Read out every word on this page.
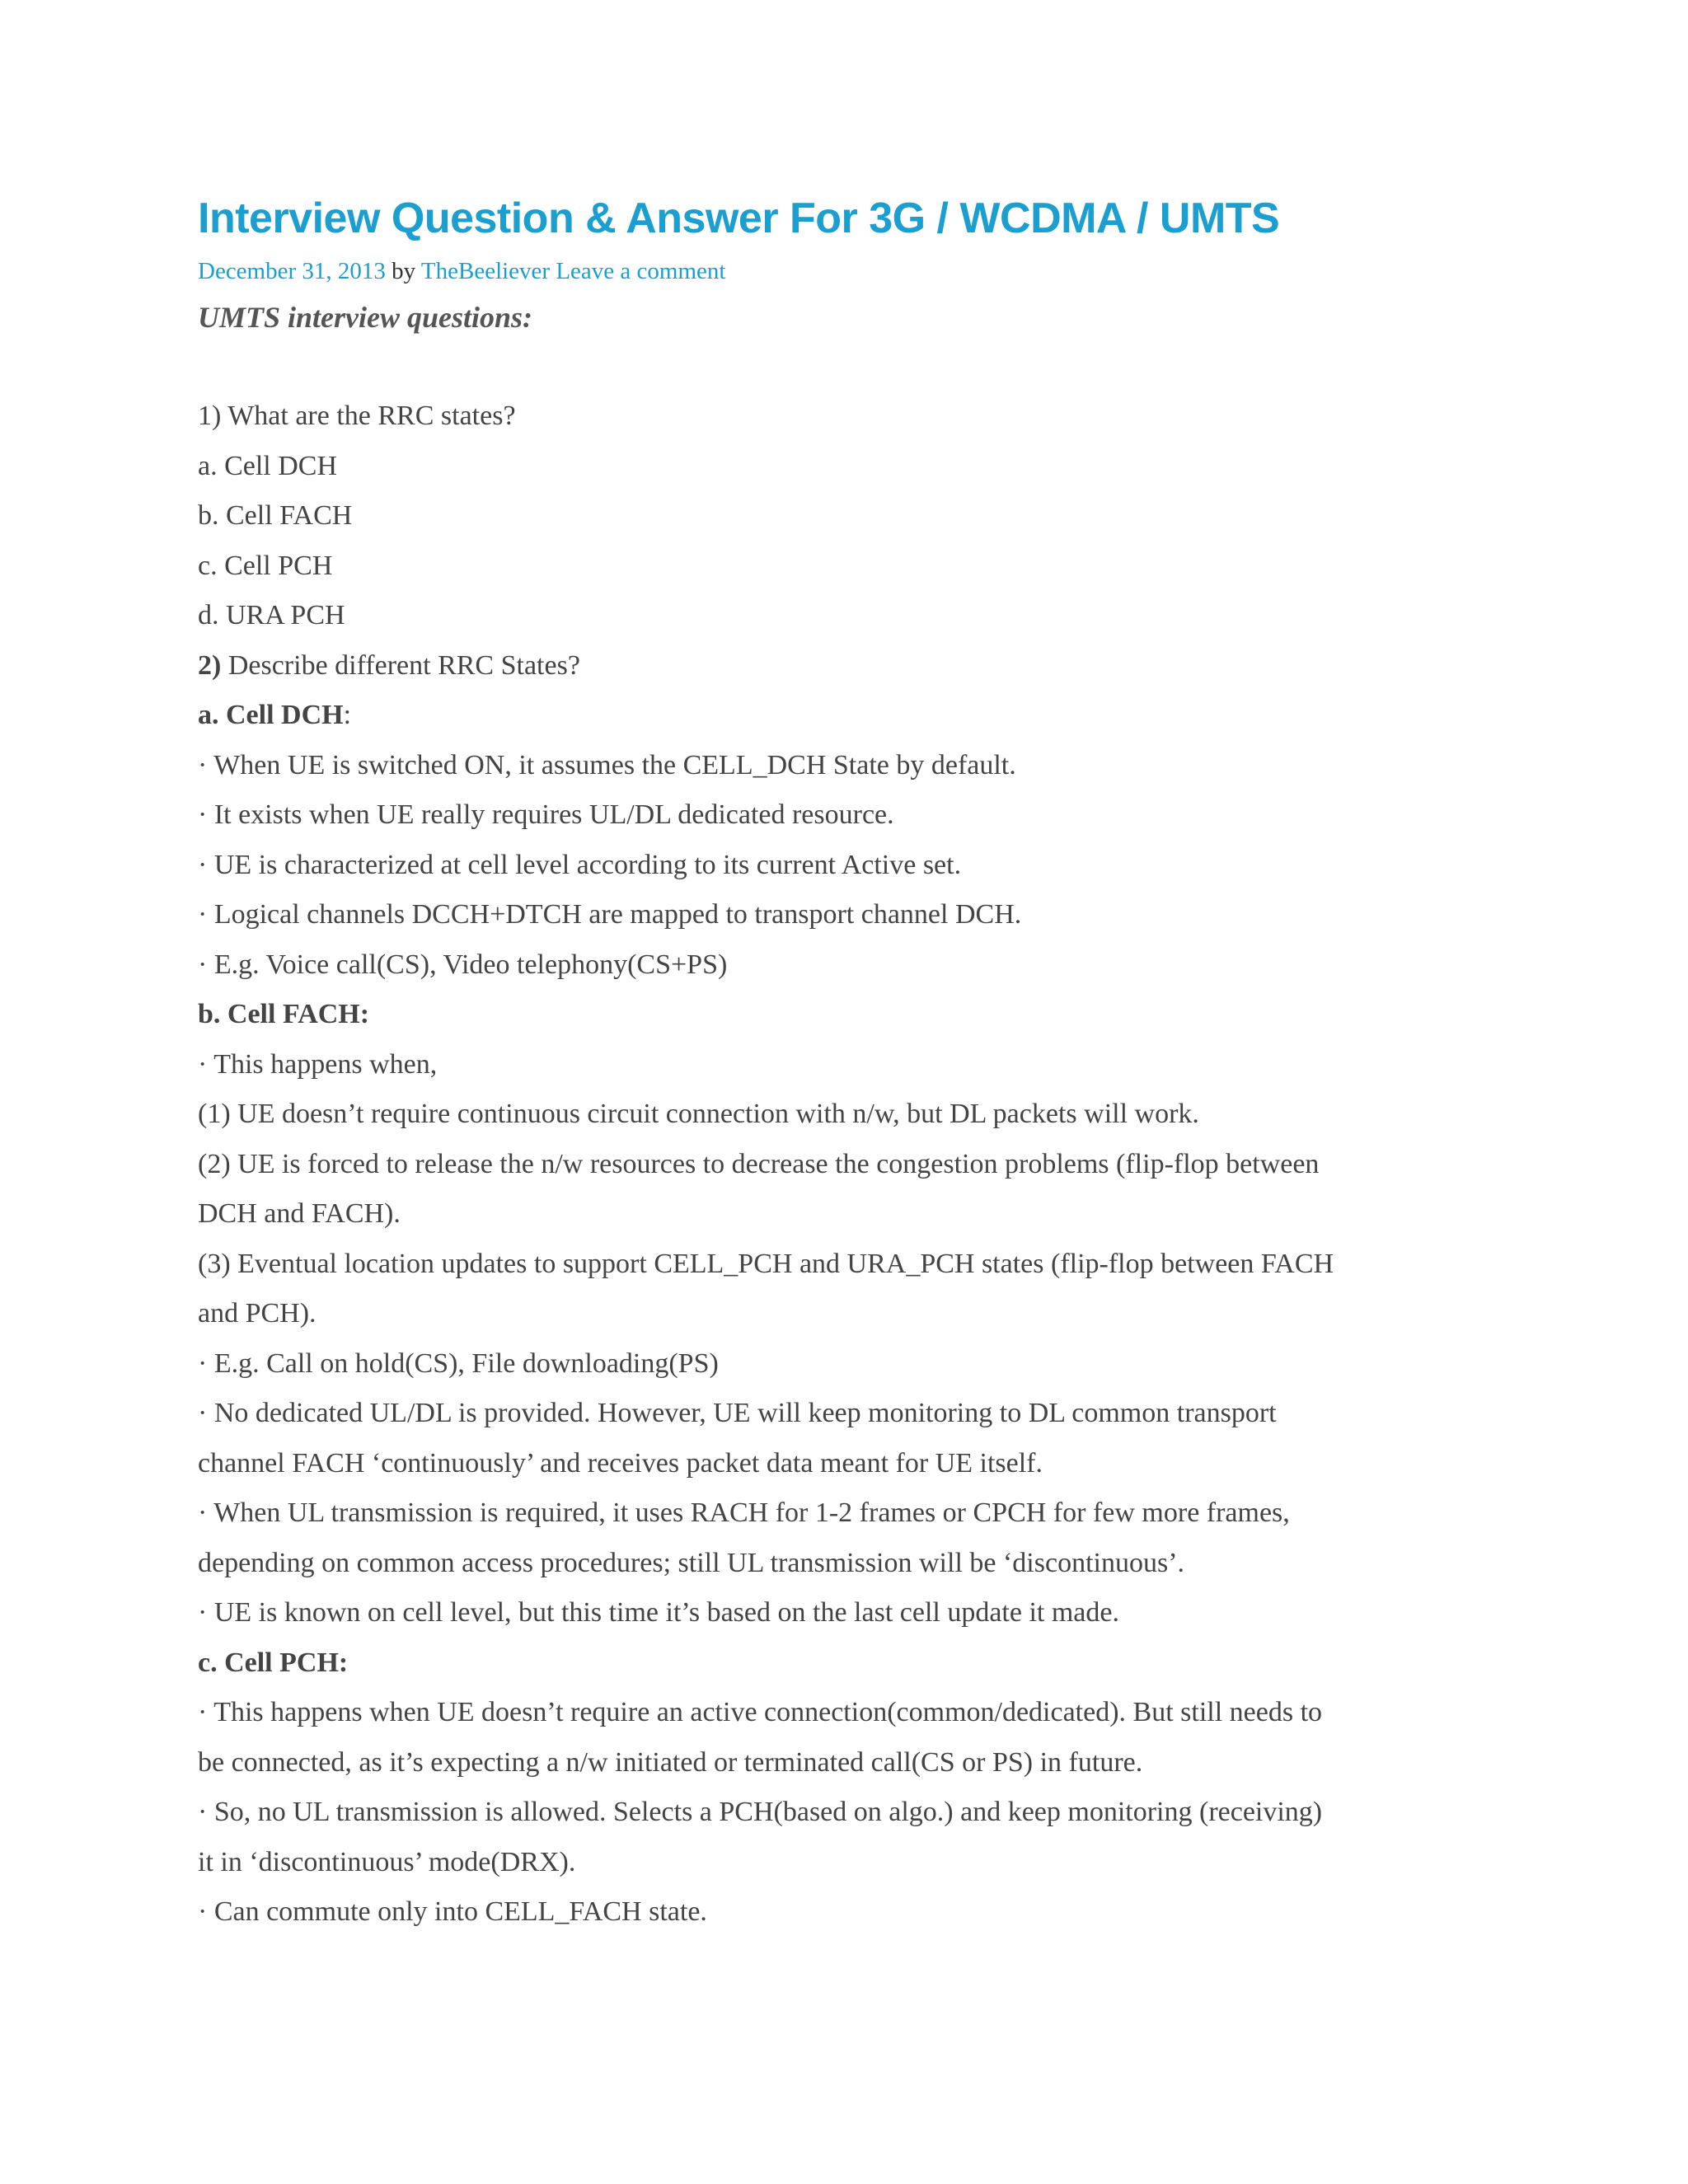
Interview Question & Answer For 3G / WCDMA / UMTS
December 31, 2013 by TheBeeliever Leave a comment
UMTS interview questions:
1) What are the RRC states?
a. Cell DCH
b. Cell FACH
c. Cell PCH
d. URA PCH
2) Describe different RRC States?
a. Cell DCH:
· When UE is switched ON, it assumes the CELL_DCH State by default.
· It exists when UE really requires UL/DL dedicated resource.
· UE is characterized at cell level according to its current Active set.
· Logical channels DCCH+DTCH are mapped to transport channel DCH.
· E.g. Voice call(CS), Video telephony(CS+PS)
b. Cell FACH:
· This happens when,
(1) UE doesn’t require continuous circuit connection with n/w, but DL packets will work.
(2) UE is forced to release the n/w resources to decrease the congestion problems (flip-flop between
DCH and FACH).
(3) Eventual location updates to support CELL_PCH and URA_PCH states (flip-flop between FACH
and PCH).
· E.g. Call on hold(CS), File downloading(PS)
· No dedicated UL/DL is provided. However, UE will keep monitoring to DL common transport
channel FACH ‘continuously’ and receives packet data meant for UE itself.
· When UL transmission is required, it uses RACH for 1-2 frames or CPCH for few more frames,
depending on common access procedures; still UL transmission will be ‘discontinuous’.
· UE is known on cell level, but this time it’s based on the last cell update it made.
c. Cell PCH:
· This happens when UE doesn’t require an active connection(common/dedicated). But still needs to
be connected, as it’s expecting a n/w initiated or terminated call(CS or PS) in future.
· So, no UL transmission is allowed. Selects a PCH(based on algo.) and keep monitoring (receiving)
it in ‘discontinuous’ mode(DRX).
· Can commute only into CELL_FACH state.
